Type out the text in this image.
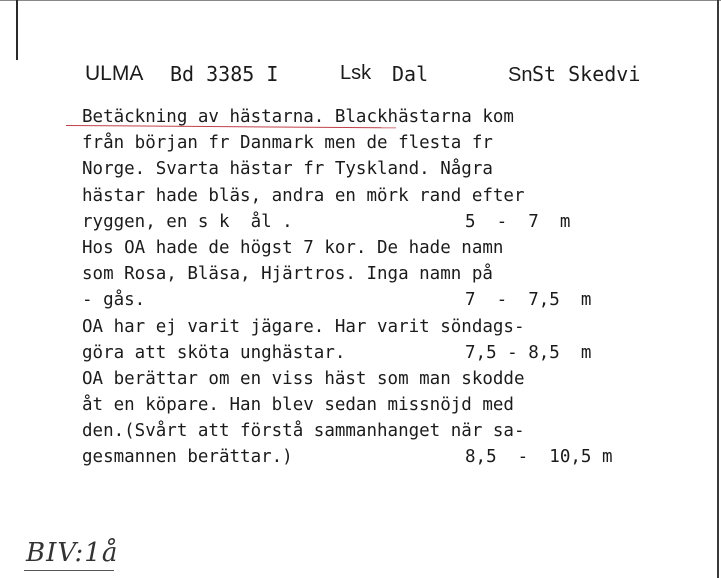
ULMA Bd 3385 I	Lsk Dal	Sn St Skedvi

Betäckning av hästarna. Blackhästarna kom

från början fr Danmark men de flesta fr

Norge. Svarta hästar fr Tyskland. Några

hästar hade bläs, andra en mörk rand efter

ryggen, en s k  ål .

	5  -  7  m

Hos OA hade de högst 7 kor. De hade namn

som Rosa, Bläsa, Hjärtros. Inga namn på

- gås.

	7  -  7,5  m

OA har ej varit jägare. Har varit söndags-

göra att sköta unghästar.

	7,5 - 8,5  m

OA berättar om en viss häst som man skodde

åt en köpare. Han blev sedan missnöjd med

den.(Svårt att förstå sammanhanget när sa-

gesmannen berättar.)

	8,5  -  10,5 m

BIV:1å
